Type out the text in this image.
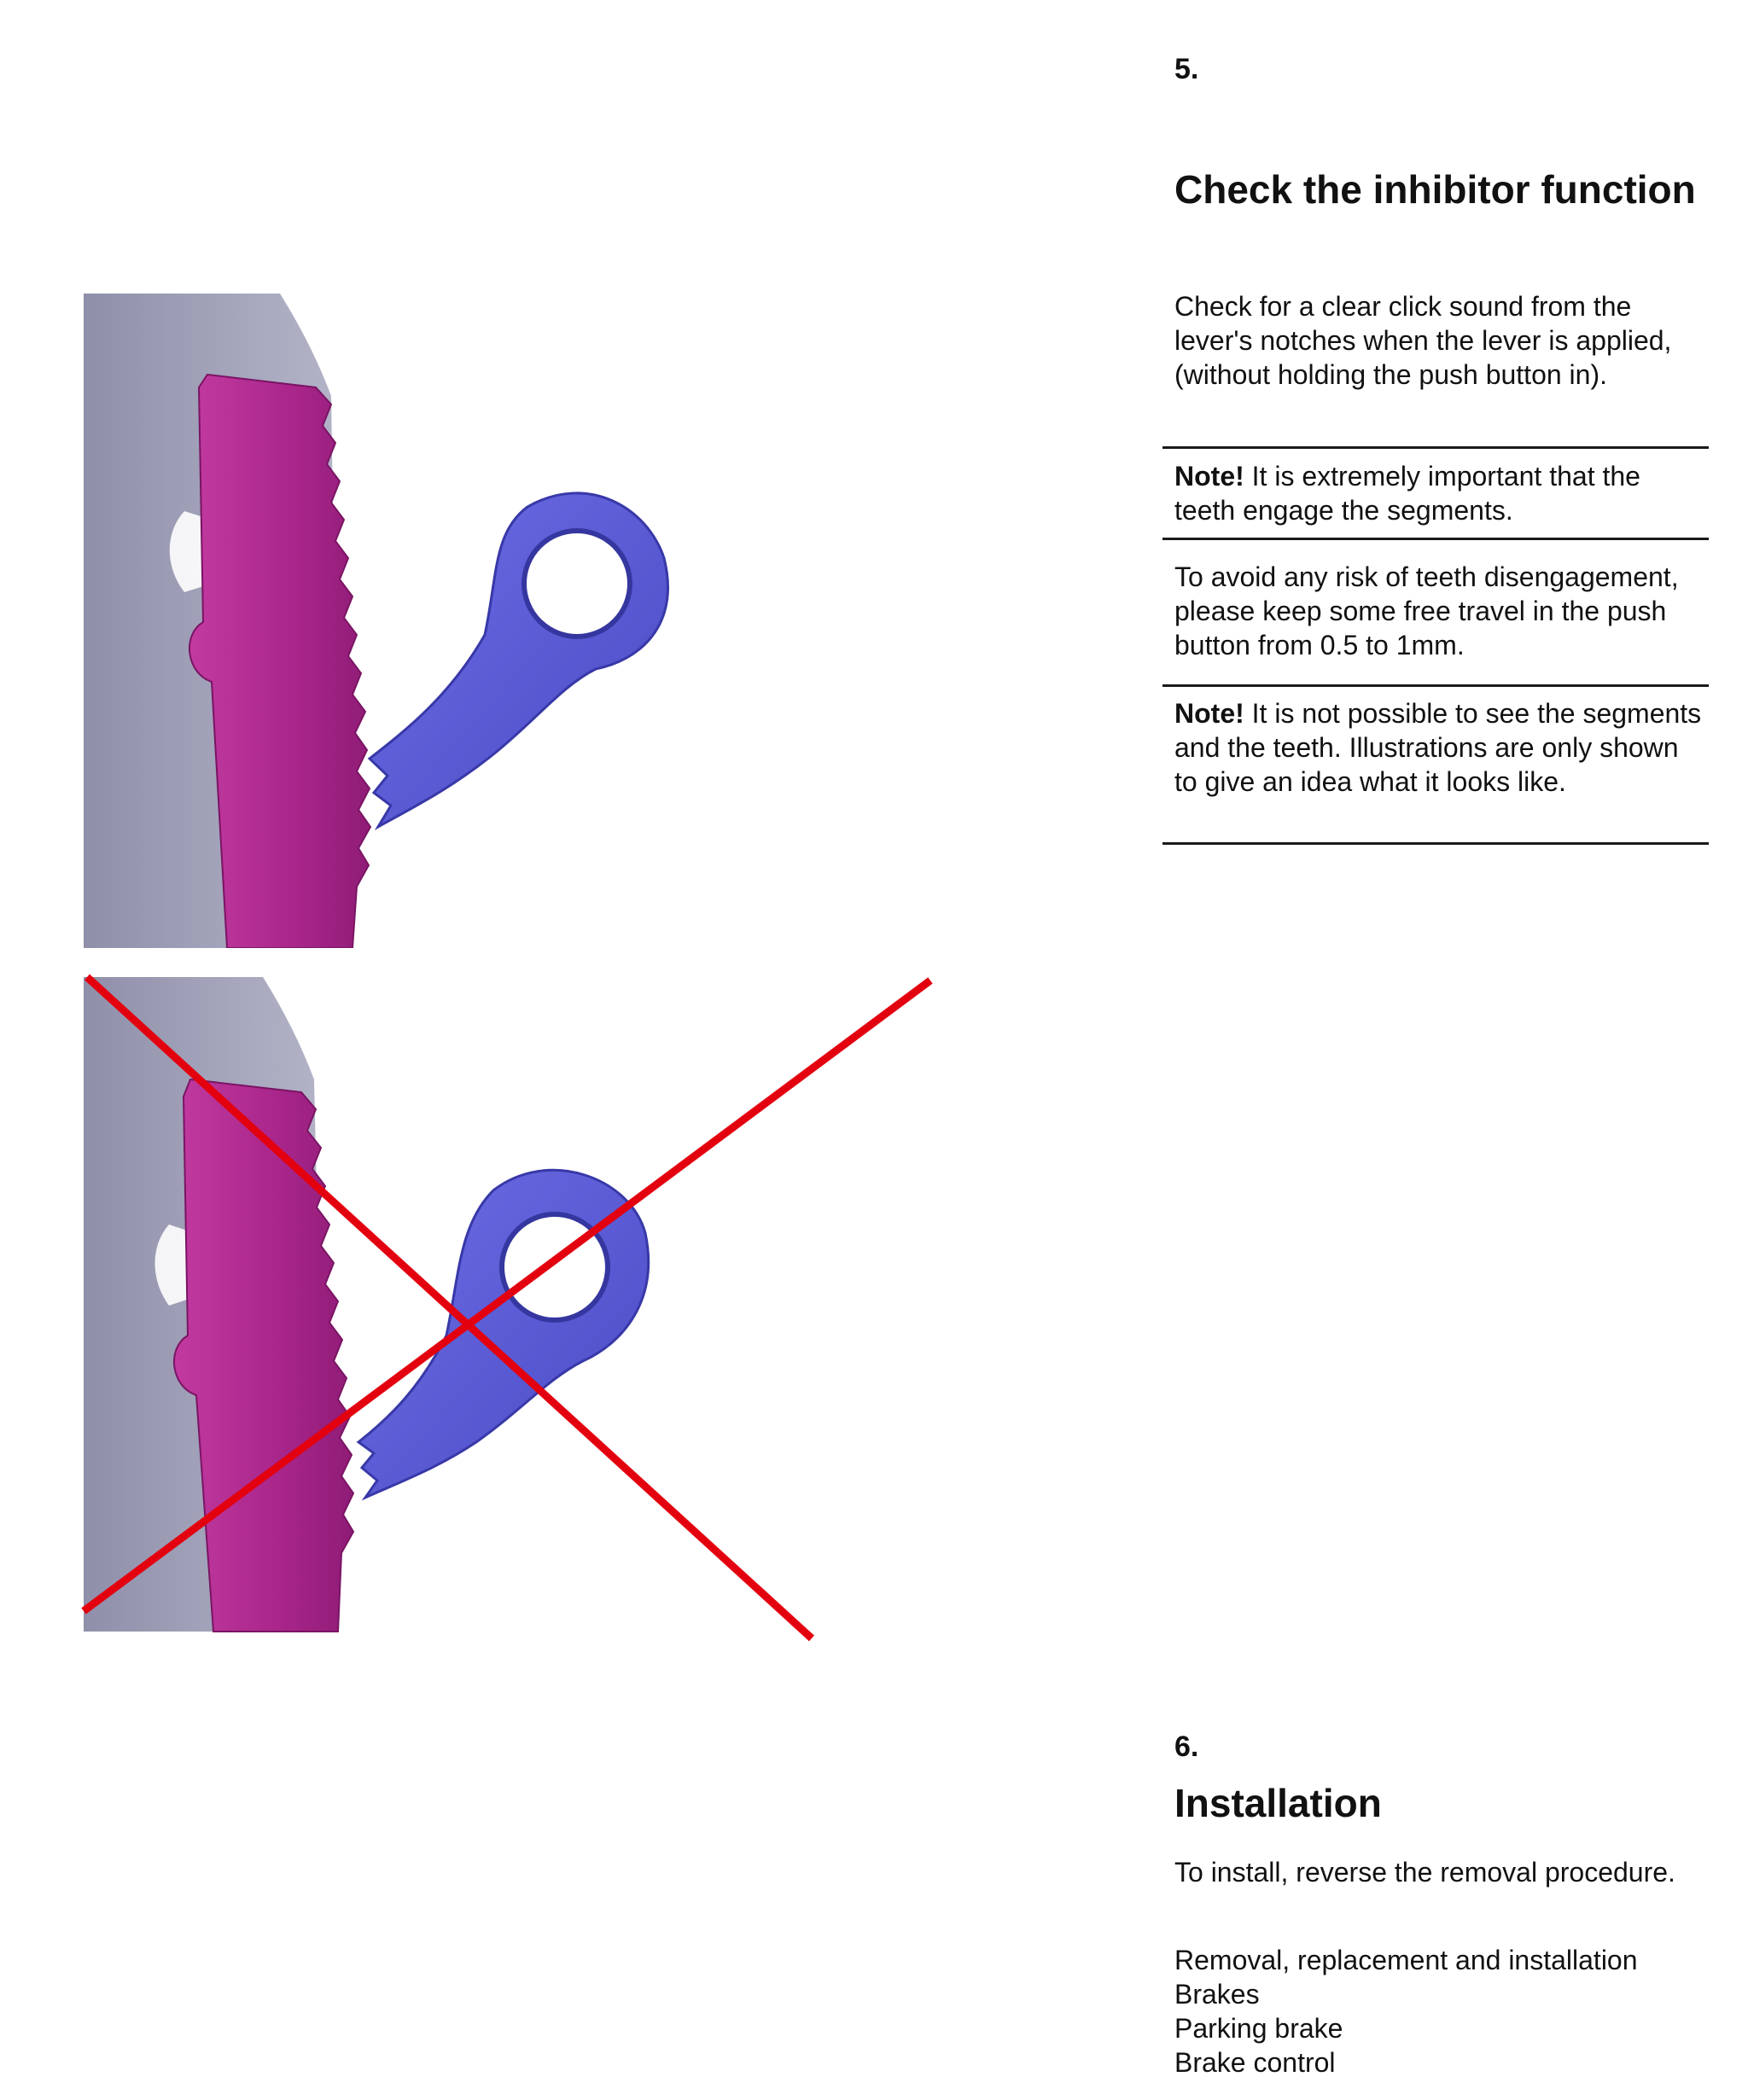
5.
Check the inhibitor function
Check for a clear click sound from the lever's notches when the lever is applied, (without holding the push button in).
Note! It is extremely important that the teeth engage the segments.
To avoid any risk of teeth disengagement, please keep some free travel in the push button from 0.5 to 1mm.
Note! It is not possible to see the segments and the teeth. Illustrations are only shown to give an idea what it looks like.
6.
Installation
To install, reverse the removal procedure.
Removal, replacement and installation
Brakes
Parking brake
Brake control
